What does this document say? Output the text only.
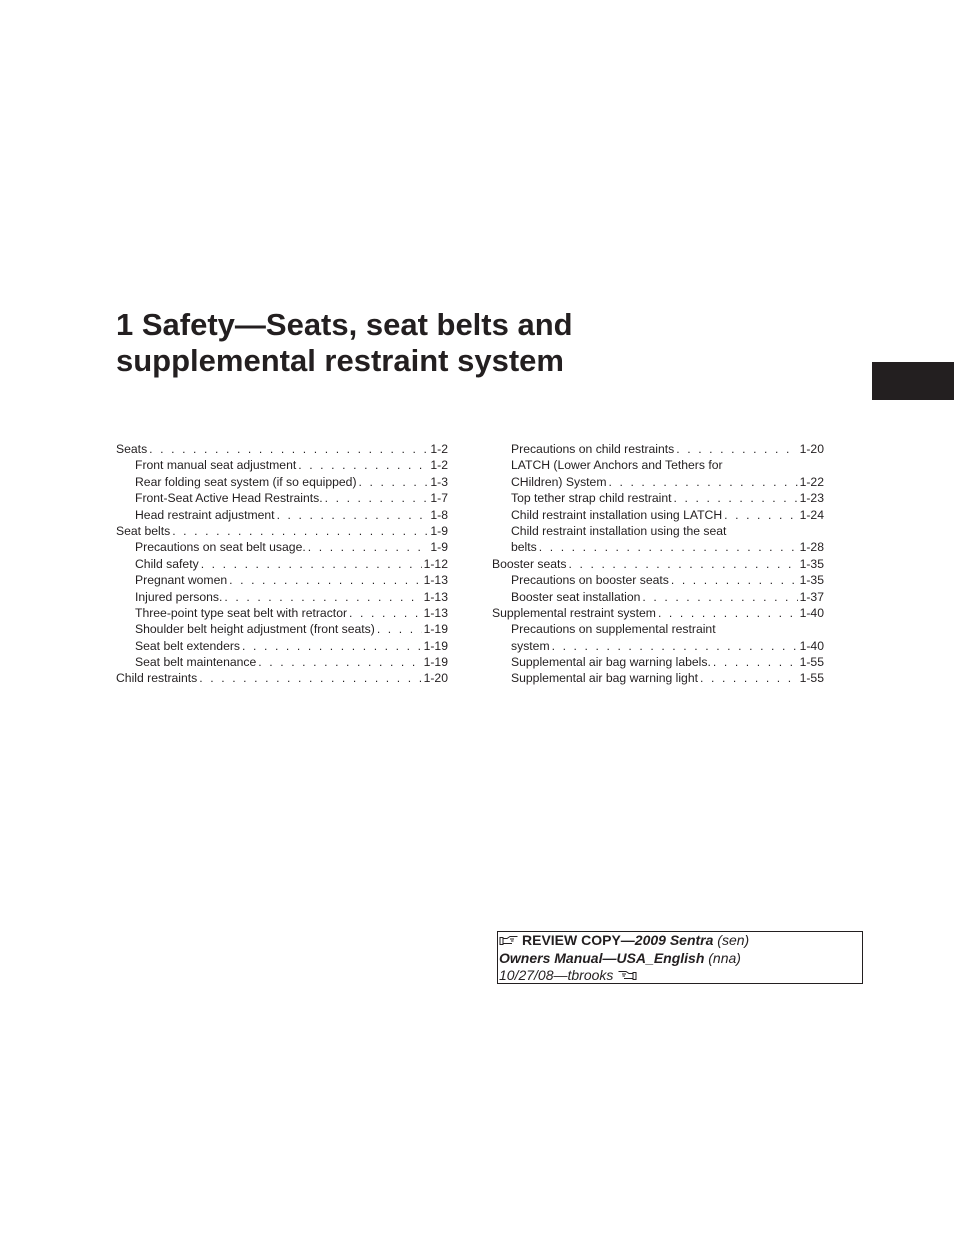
1 Safety—Seats, seat belts and
supplemental restraint system
Seats . . .	1-2
Front manual seat adjustment . . .	1-2
Rear folding seat system (if so equipped) . . .	1-3
Front-Seat Active Head Restraints. . . .	1-7
Head restraint adjustment . . .	1-8
Seat belts . . .	1-9
Precautions on seat belt usage. . . .	1-9
Child safety . . .	1-12
Pregnant women . . .	1-13
Injured persons. . . .	1-13
Three-point type seat belt with retractor . . .	1-13
Shoulder belt height adjustment (front seats) . . .	1-19
Seat belt extenders . . .	1-19
Seat belt maintenance . . .	1-19
Child restraints . . .	1-20
Precautions on child restraints . . .	1-20
LATCH (Lower Anchors and Tethers for
CHildren) System . . .	1-22
Top tether strap child restraint . . .	1-23
Child restraint installation using LATCH . . .	1-24
Child restraint installation using the seat
belts . . .	1-28
Booster seats . . .	1-35
Precautions on booster seats . . .	1-35
Booster seat installation . . .	1-37
Supplemental restraint system . . .	1-40
Precautions on supplemental restraint
system . . .	1-40
Supplemental air bag warning labels. . . .	1-55
Supplemental air bag warning light . . .	1-55
REVIEW COPY—2009 Sentra (sen)
Owners Manual—USA_English (nna)
10/27/08—tbrooks
